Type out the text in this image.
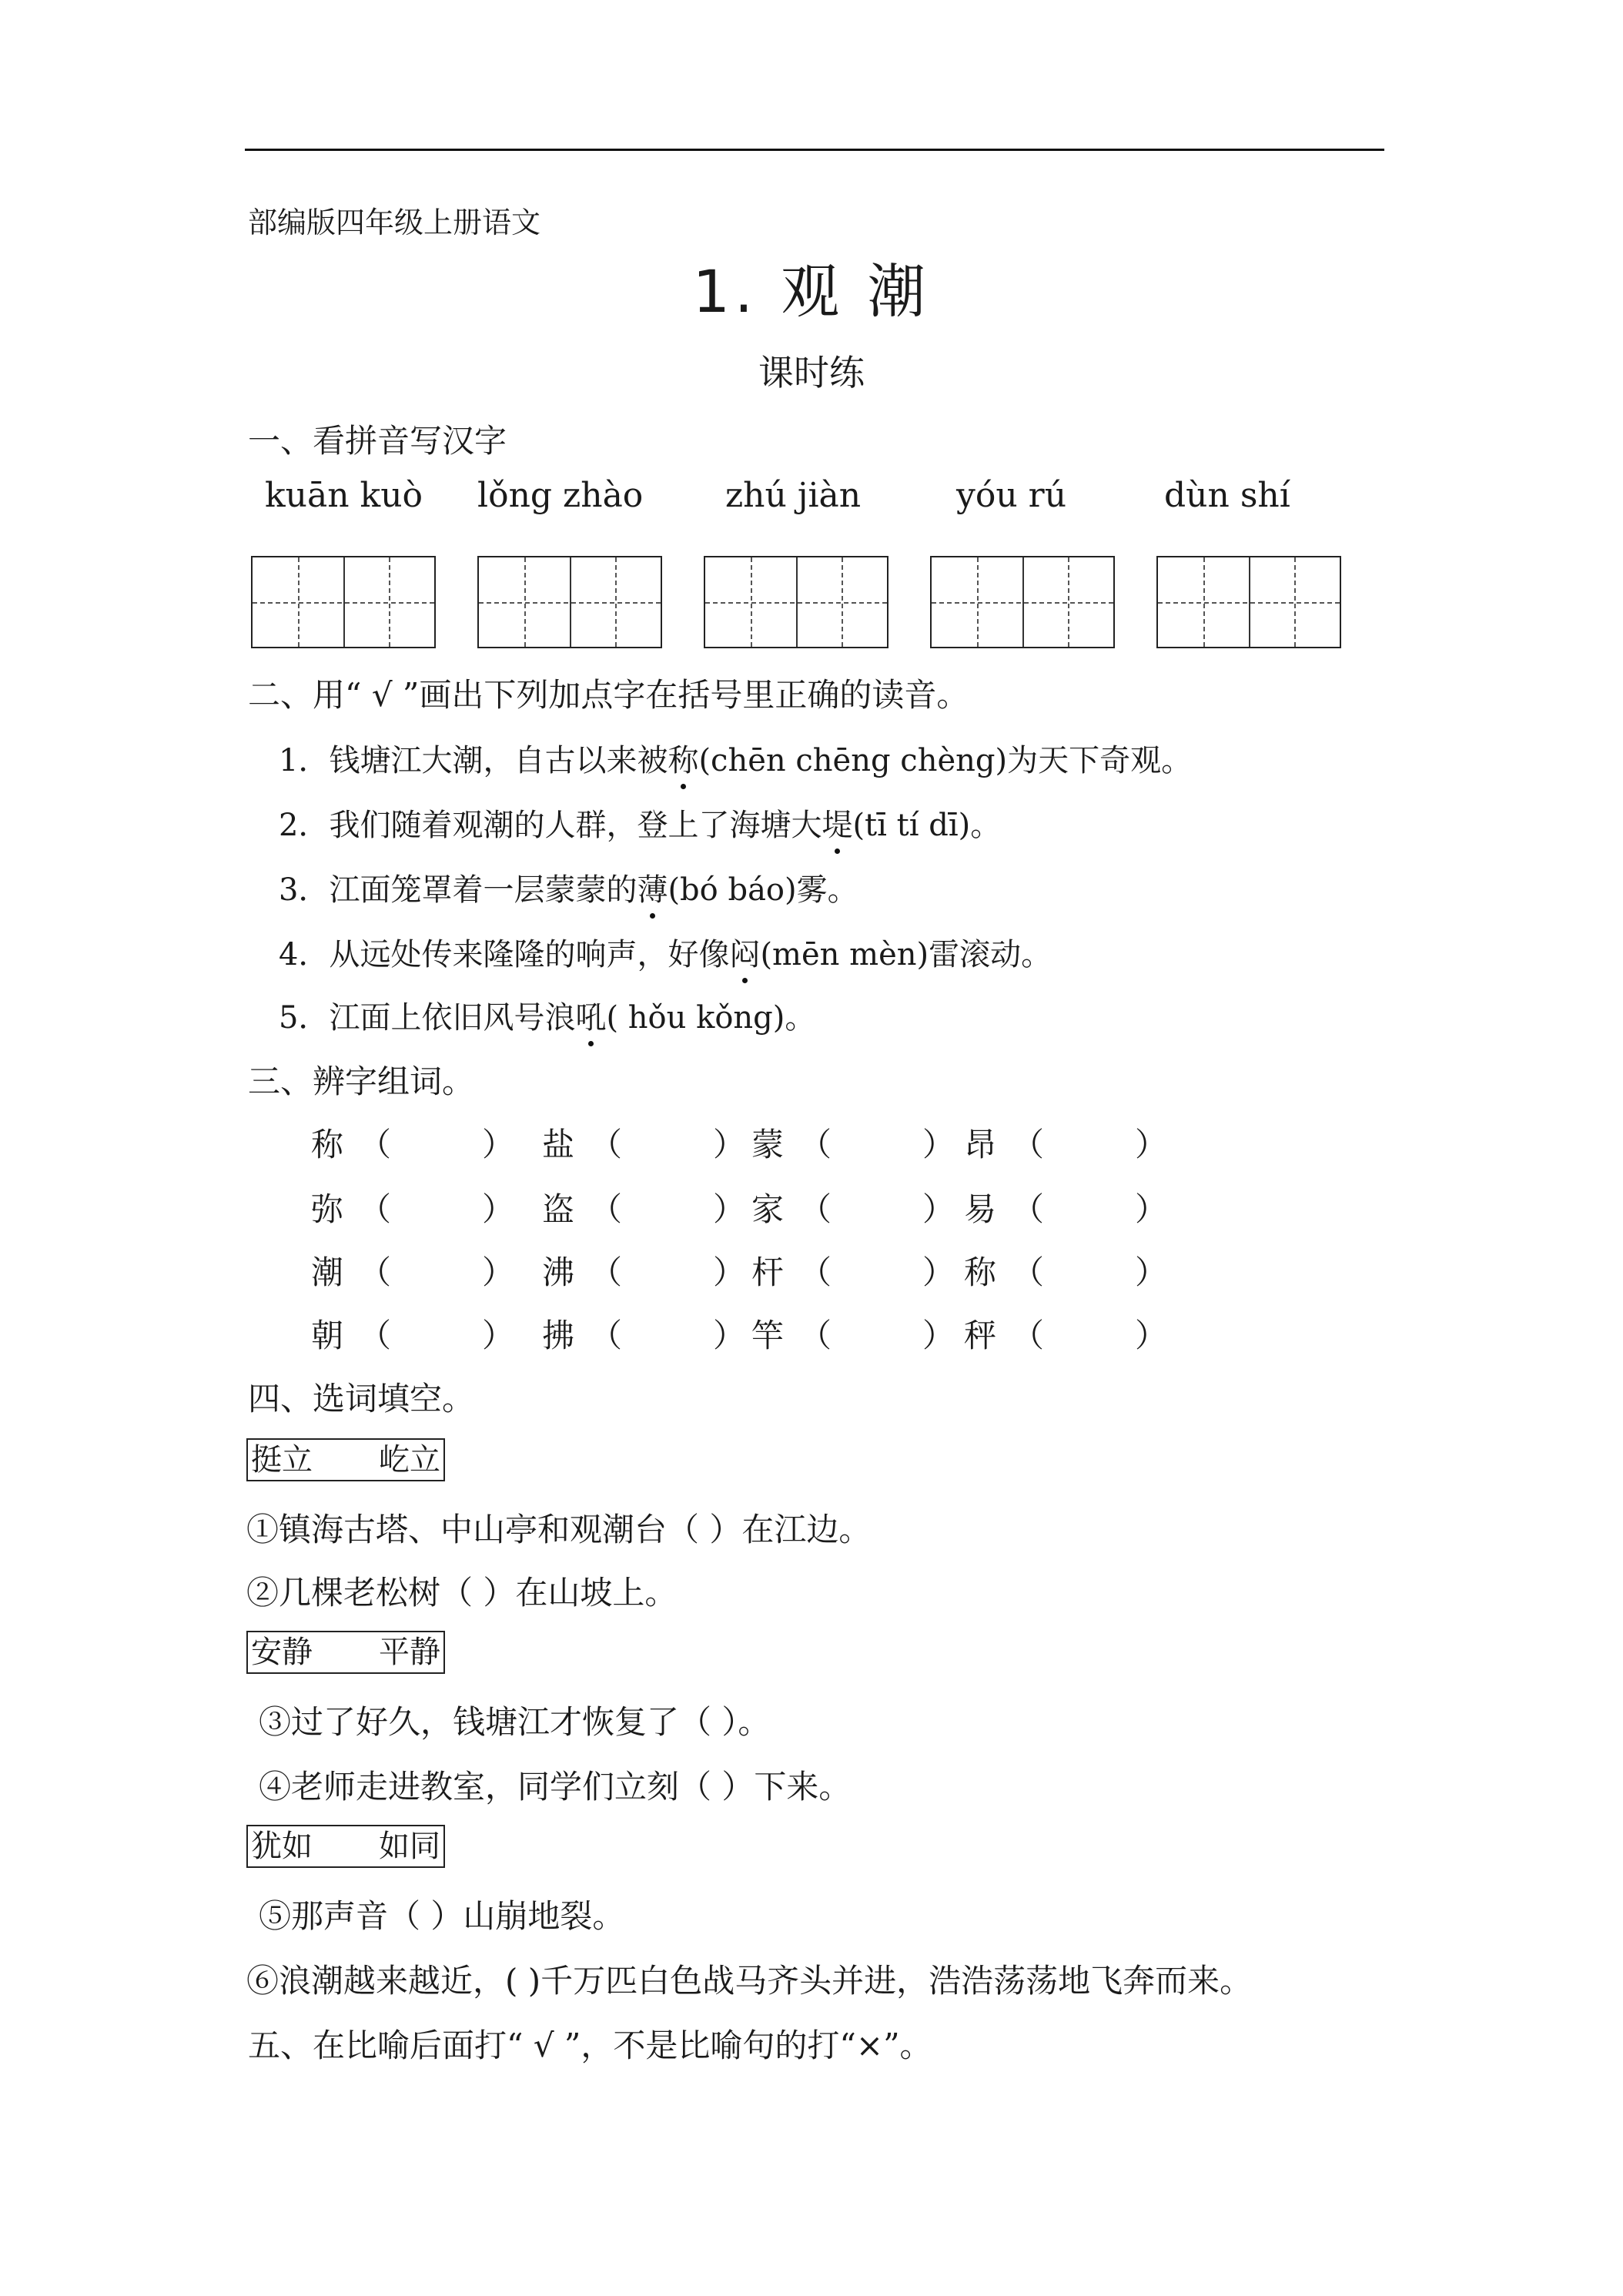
部编版四年级上册语文
1. 观 潮
课时练
一、看拼音写汉字
kuān kuò lǒng zhào zhú jiàn	yóu rú	dùn shí
二、用“ √ ”画出下列加点字在括号里正确的读音。
1．钱塘江大潮，自古以来被称(chēn chēng chèng)为天下奇观。
2．我们随着观潮的人群，登上了海塘大堤(tī tí dī)。
3．江面笼罩着一层蒙蒙的薄(bó báo)雾。
4．从远处传来隆隆的响声，好像闷(mēn mèn)雷滚动。
5．江面上依旧风号浪吼( hǒu kǒng)。
三、辨字组词。
称 （	） 盐 （	） 蒙 （	） 昂 （	）
弥 （	） 盗 （	） 家 （	） 易 （	）
潮 （	） 沸 （	） 杆 （	） 称 （	）
朝 （	） 拂 （	） 竿 （	） 秤 （	）
四、选词填空。
挺立 屹立
①镇海古塔、中山亭和观潮台（ ）在江边。
②几棵老松树（ ）在山坡上。
安静 平静
③过了好久，钱塘江才恢复了（ ）。
④老师走进教室，同学们立刻（ ）下来。
犹如 如同
⑤那声音（ ）山崩地裂。
⑥浪潮越来越近，( )千万匹白色战马齐头并进，浩浩荡荡地飞奔而来。
五、在比喻后面打“ √ ”，不是比喻句的打“×”。
